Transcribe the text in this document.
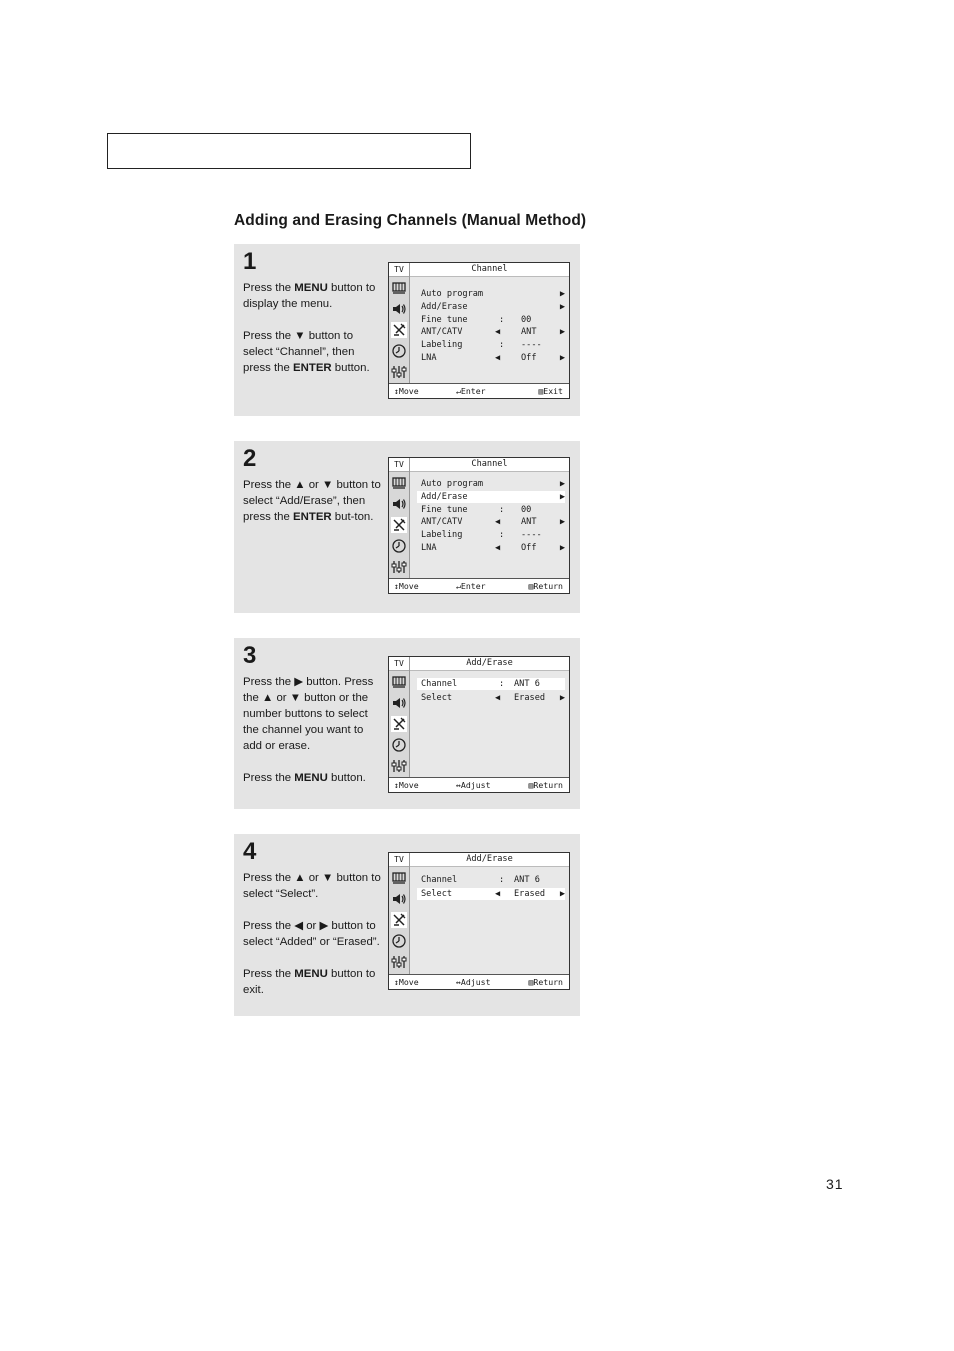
Adding and Erasing Channels (Manual Method)
1

Press the MENU button to display the menu.

Press the ▼ button to select “Channel”, then press the ENTER button.

TV	Channel
Auto program	▶
Add/Erase	▶
Fine tune	: 00
ANT/CATV	◀ ANT	▶
Labeling	: ----
LNA	◀ Off	▶
↕Move	↵Enter	▥Exit
2

Press the ▲ or ▼ button to select “Add/Erase”, then press the ENTER but-ton.

TV	Channel
Auto program	▶
Add/Erase	▶
Fine tune	: 00
ANT/CATV	◀ ANT	▶
Labeling	: ----
LNA	◀ Off	▶
↕Move	↵Enter	▥Return
3

Press the ▶ button. Press the ▲ or ▼ button or the number buttons to select the channel you want to add or erase.

Press the MENU button.

TV	Add/Erase
Channel	: ANT 6
Select	◀ Erased ▶
↕Move	↔Adjust	▥Return
4

Press the ▲ or ▼ button to select “Select”.

Press the ◀ or ▶ button to select “Added” or “Erased”.

Press the MENU button to exit.

TV	Add/Erase
Channel	: ANT 6
Select	◀ Erased ▶
↕Move	↔Adjust	▥Return
31
